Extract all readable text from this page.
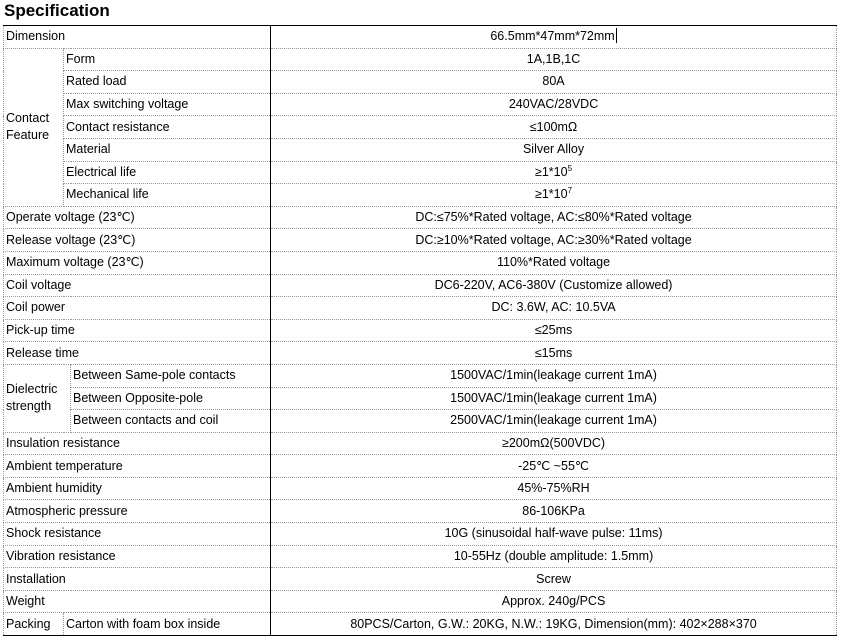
Specification
Dimension			66.5mm*47mm*72mm
Contact Feature	Form		1A,1B,1C
	Rated load		80A
	Max switching voltage		240VAC/28VDC
	Contact resistance		≤100mΩ
	Material		Silver Alloy
	Electrical life		$\ge 1*10^5$
	Mechanical life		$\ge 1*10^7$
Operate voltage (23℃)			DC:≤75%*Rated voltage, AC:≤80%*Rated voltage
Release voltage (23℃)			DC:≥10%*Rated voltage, AC:≥30%*Rated voltage
Maximum voltage (23℃)			110%*Rated voltage
Coil voltage			DC6-220V, AC6-380V (Customize allowed)
Coil power			DC: 3.6W, AC: 10.5VA
Pick-up time			≤25ms
Release time			≤15ms
Dielectric strength		Between Same-pole contacts	1500VAC/1min(leakage current 1mA)
		Between Opposite-pole	1500VAC/1min(leakage current 1mA)
		Between contacts and coil	2500VAC/1min(leakage current 1mA)
Insulation resistance			≥200mΩ(500VDC)
Ambient temperature			-25℃ ~55℃
Ambient humidity			45%-75%RH
Atmospheric pressure			86-106KPa
Shock resistance			10G (sinusoidal half-wave pulse: 11ms)
Vibration resistance			10-55Hz (double amplitude: 1.5mm)
Installation			Screw
Weight			Approx. 240g/PCS
Packing	Carton with foam box inside		80PCS/Carton, G.W.: 20KG, N.W.: 19KG, Dimension(mm): 402×288×370
